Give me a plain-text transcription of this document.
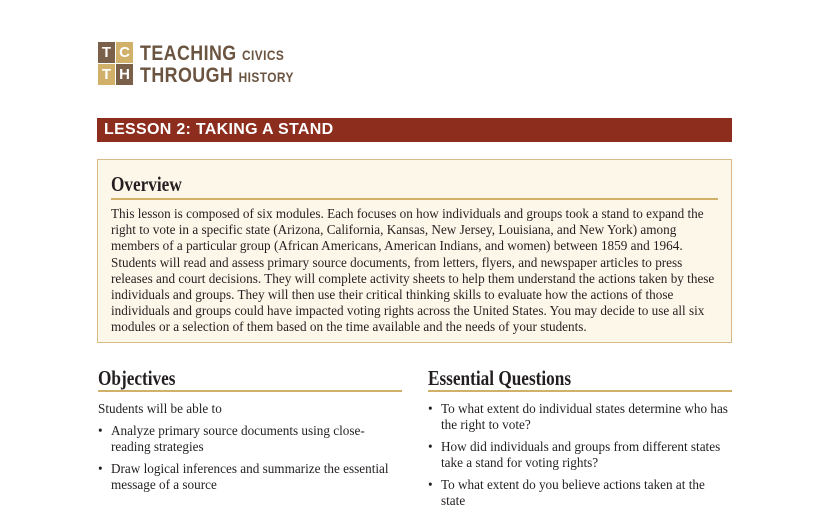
T C
T H
TEACHING CIVICS
THROUGH HISTORY
LESSON 2: TAKING A STAND
Overview
This lesson is composed of six modules. Each focuses on how individuals and groups took a stand to expand the right to vote in a specific state (Arizona, California, Kansas, New Jersey, Louisiana, and New York) among members of a particular group (African Americans, American Indians, and women) between 1859 and 1964. Students will read and assess primary source documents, from letters, flyers, and newspaper articles to press releases and court decisions. They will complete activity sheets to help them understand the actions taken by these individuals and groups. They will then use their critical thinking skills to evaluate how the actions of those individuals and groups could have impacted voting rights across the United States. You may decide to use all six modules or a selection of them based on the time available and the needs of your students.
Objectives
Students will be able to
• Analyze primary source documents using close-reading strategies
• Draw logical inferences and summarize the essential message of a source
Essential Questions
• To what extent do individual states determine who has the right to vote?
• How did individuals and groups from different states take a stand for voting rights?
• To what extent do you believe actions taken at the state
